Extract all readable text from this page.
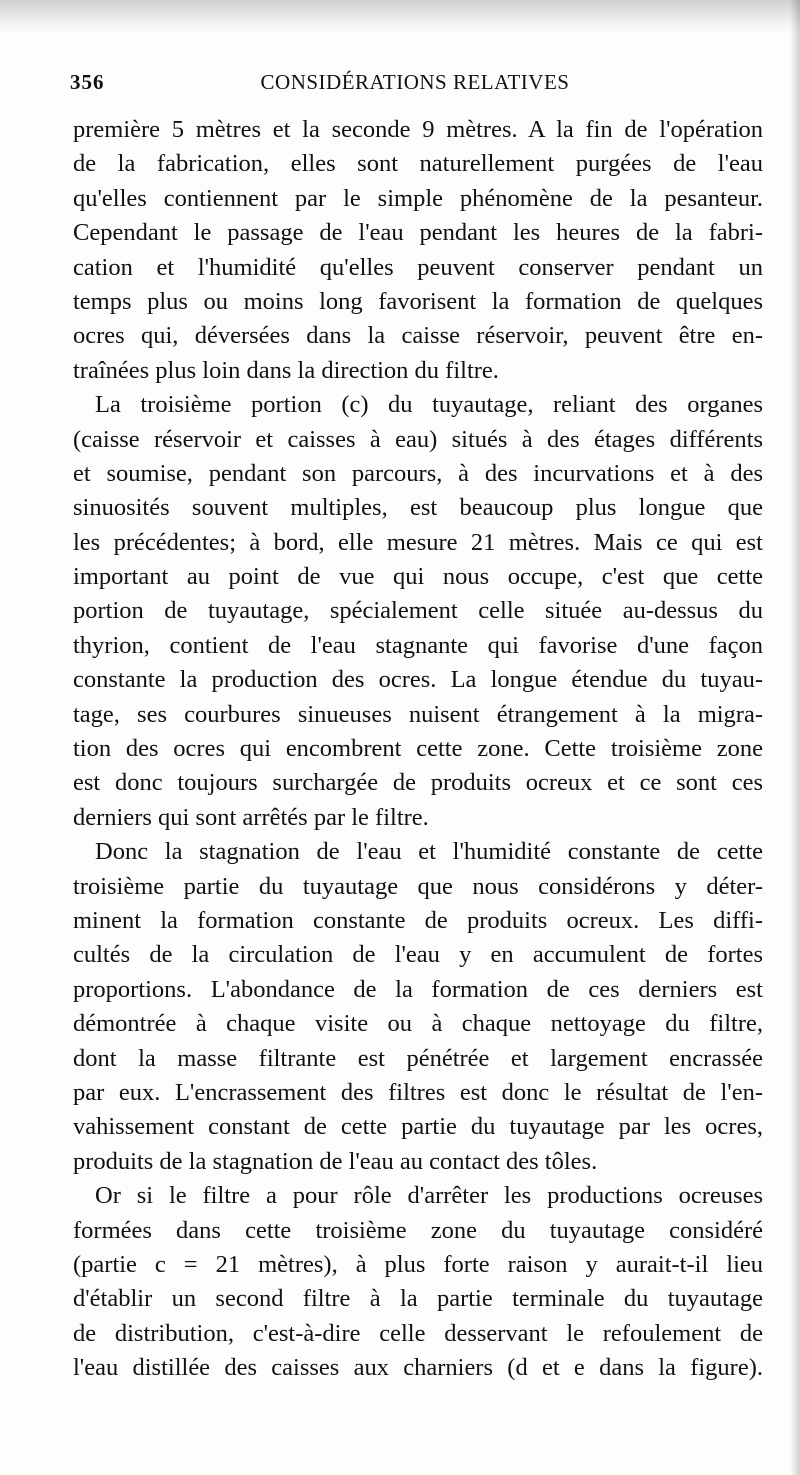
356	CONSIDÉRATIONS RELATIVES
première 5 mètres et la seconde 9 mètres. A la fin de l'opération
de la fabrication, elles sont naturellement purgées de l'eau
qu'elles contiennent par le simple phénomène de la pesanteur.
Cependant le passage de l'eau pendant les heures de la fabri-
cation et l'humidité qu'elles peuvent conserver pendant un
temps plus ou moins long favorisent la formation de quelques
ocres qui, déversées dans la caisse réservoir, peuvent être en-
traînées plus loin dans la direction du filtre.
La troisième portion (c) du tuyautage, reliant des organes
(caisse réservoir et caisses à eau) situés à des étages différents
et soumise, pendant son parcours, à des incurvations et à des
sinuosités souvent multiples, est beaucoup plus longue que
les précédentes; à bord, elle mesure 21 mètres. Mais ce qui est
important au point de vue qui nous occupe, c'est que cette
portion de tuyautage, spécialement celle située au-dessus du
thyrion, contient de l'eau stagnante qui favorise d'une façon
constante la production des ocres. La longue étendue du tuyau-
tage, ses courbures sinueuses nuisent étrangement à la migra-
tion des ocres qui encombrent cette zone. Cette troisième zone
est donc toujours surchargée de produits ocreux et ce sont ces
derniers qui sont arrêtés par le filtre.
Donc la stagnation de l'eau et l'humidité constante de cette
troisième partie du tuyautage que nous considérons y déter-
minent la formation constante de produits ocreux. Les diffi-
cultés de la circulation de l'eau y en accumulent de fortes
proportions. L'abondance de la formation de ces derniers est
démontrée à chaque visite ou à chaque nettoyage du filtre,
dont la masse filtrante est pénétrée et largement encrassée
par eux. L'encrassement des filtres est donc le résultat de l'en-
vahissement constant de cette partie du tuyautage par les ocres,
produits de la stagnation de l'eau au contact des tôles.
Or si le filtre a pour rôle d'arrêter les productions ocreuses
formées dans cette troisième zone du tuyautage considéré
(partie c = 21 mètres), à plus forte raison y aurait-t-il lieu
d'établir un second filtre à la partie terminale du tuyautage
de distribution, c'est-à-dire celle desservant le refoulement de
l'eau distillée des caisses aux charniers (d et e dans la figure).
